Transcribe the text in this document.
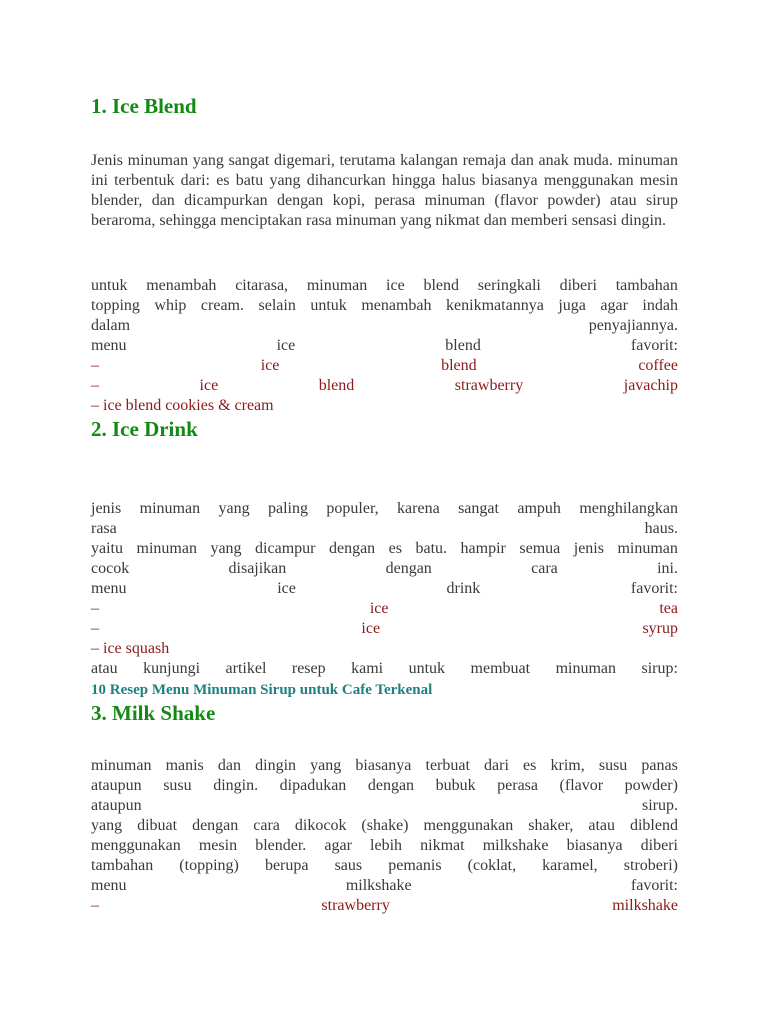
1. Ice Blend

Jenis minuman yang sangat digemari, terutama kalangan remaja dan anak muda. minuman ini terbentuk dari: es batu yang dihancurkan hingga halus biasanya menggunakan mesin blender, dan dicampurkan dengan kopi, perasa minuman (flavor powder) atau sirup beraroma, sehingga menciptakan rasa minuman yang nikmat dan memberi sensasi dingin.

untuk menambah citarasa, minuman ice blend seringkali diberi tambahan
topping whip cream. selain untuk menambah kenikmatannya juga agar indah
dalam	penyajiannya.
menu	ice	blend	favorit:
–	ice	blend	coffee
–	ice	blend	strawberry	javachip
– ice blend cookies & cream
2. Ice Drink
jenis minuman yang paling populer, karena sangat ampuh menghilangkan
rasa	haus.
yaitu minuman yang dicampur dengan es batu. hampir semua jenis minuman
cocok	disajikan	dengan	cara	ini.
menu	ice	drink	favorit:
–	ice	tea
–	ice	syrup
– ice squash
atau kunjungi artikel resep kami untuk membuat minuman sirup:
10 Resep Menu Minuman Sirup untuk Cafe Terkenal
3. Milk Shake
minuman manis dan dingin yang biasanya terbuat dari es krim, susu panas
ataupun susu dingin. dipadukan dengan bubuk perasa (flavor powder)
ataupun	sirup.
yang dibuat dengan cara dikocok (shake) menggunakan shaker, atau diblend
menggunakan mesin blender. agar lebih nikmat milkshake biasanya diberi
tambahan (topping) berupa saus pemanis (coklat, karamel, stroberi)
menu	milkshake	favorit:
–	strawberry	milkshake
